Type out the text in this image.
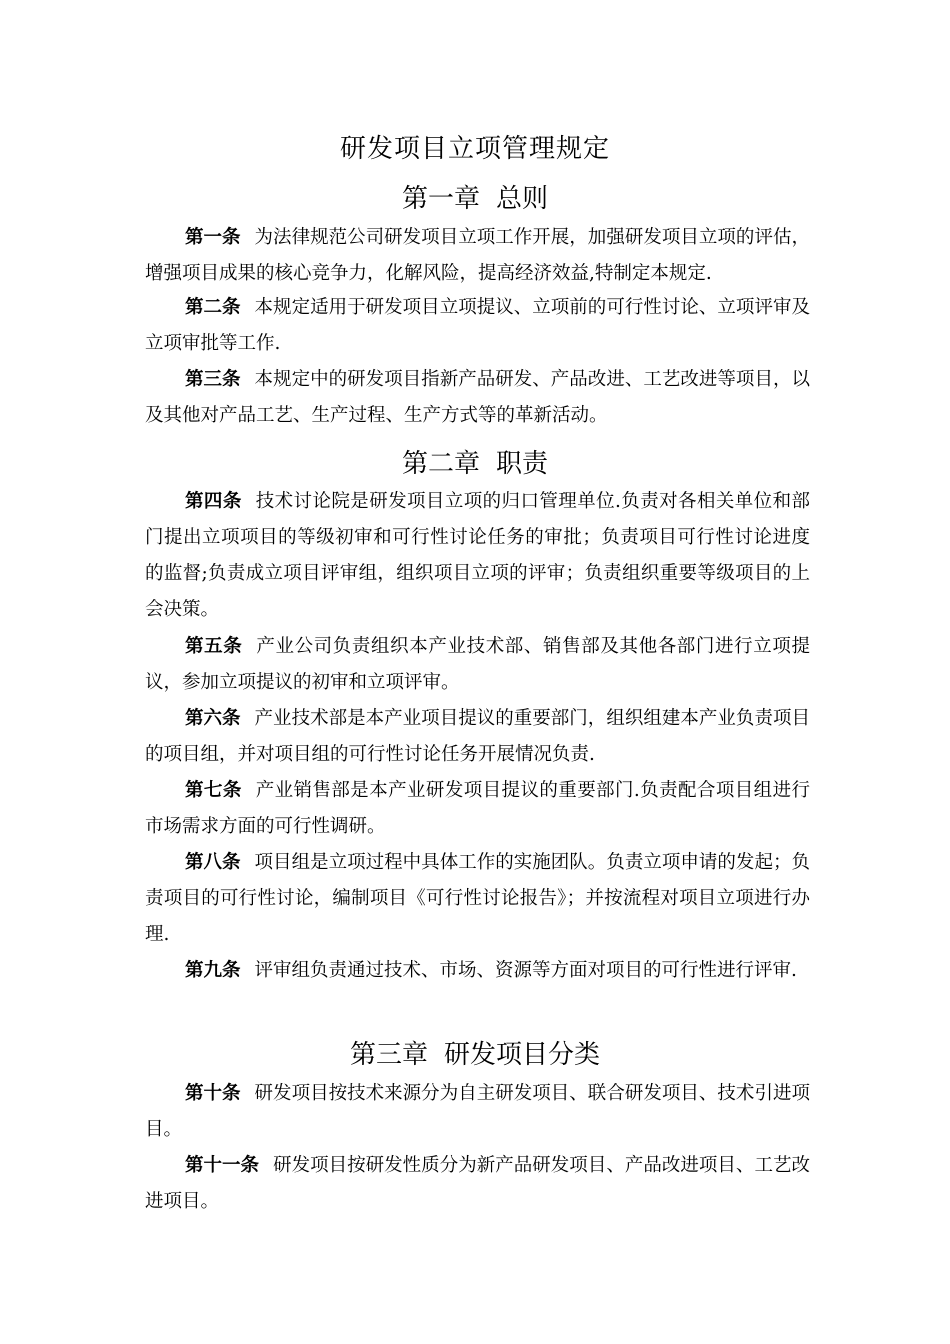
研发项目立项管理规定
第一章 总则
第一条 为法律规范公司研发项目立项工作开展，加强研发项目立项的评估，增强项目成果的核心竞争力，化解风险，提高经济效益,特制定本规定.
第二条 本规定适用于研发项目立项提议、立项前的可行性讨论、立项评审及立项审批等工作.
第三条 本规定中的研发项目指新产品研发、产品改进、工艺改进等项目，以及其他对产品工艺、生产过程、生产方式等的革新活动。
第二章 职责
第四条 技术讨论院是研发项目立项的归口管理单位.负责对各相关单位和部门提出立项项目的等级初审和可行性讨论任务的审批；负责项目可行性讨论进度的监督;负责成立项目评审组，组织项目立项的评审；负责组织重要等级项目的上会决策。
第五条 产业公司负责组织本产业技术部、销售部及其他各部门进行立项提议，参加立项提议的初审和立项评审。
第六条 产业技术部是本产业项目提议的重要部门，组织组建本产业负责项目的项目组，并对项目组的可行性讨论任务开展情况负责.
第七条 产业销售部是本产业研发项目提议的重要部门.负责配合项目组进行市场需求方面的可行性调研。
第八条 项目组是立项过程中具体工作的实施团队。负责立项申请的发起；负责项目的可行性讨论，编制项目《可行性讨论报告》；并按流程对项目立项进行办理.
第九条 评审组负责通过技术、市场、资源等方面对项目的可行性进行评审.
第三章 研发项目分类
第十条 研发项目按技术来源分为自主研发项目、联合研发项目、技术引进项目。
第十一条 研发项目按研发性质分为新产品研发项目、产品改进项目、工艺改进项目。
